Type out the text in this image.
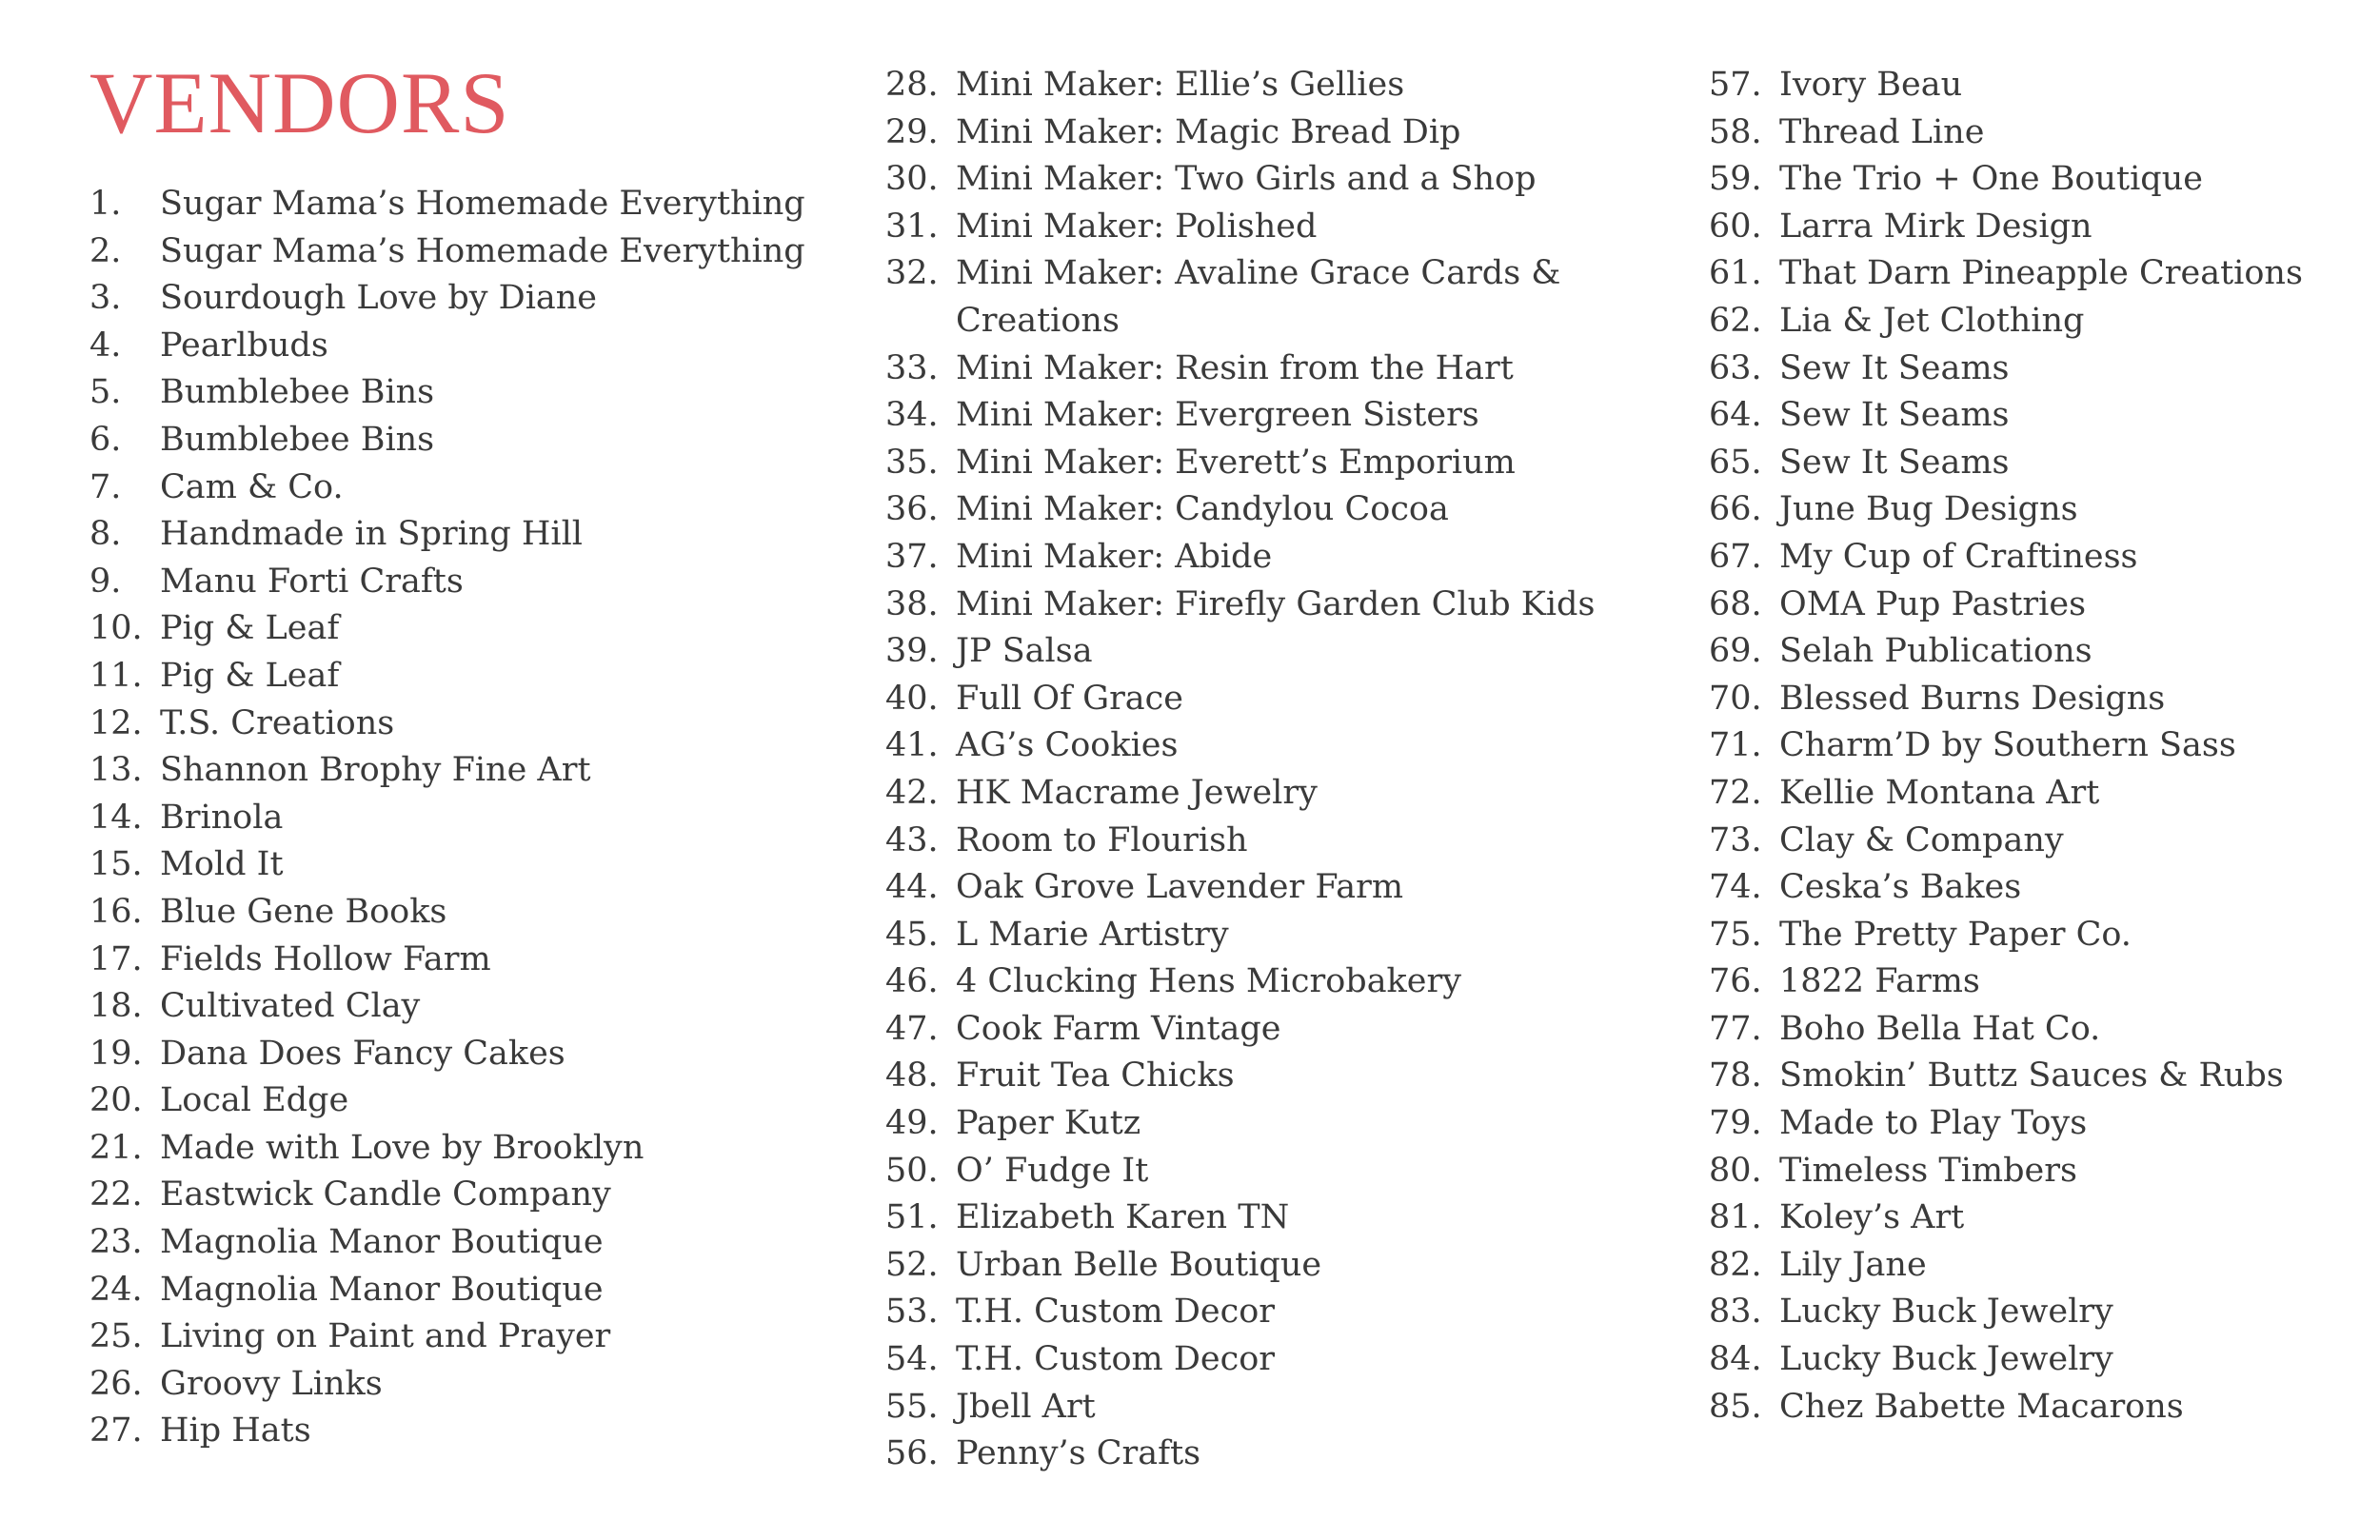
VENDORS
1.	Sugar Mama’s Homemade Everything
2.	Sugar Mama’s Homemade Everything
3.	Sourdough Love by Diane
4.	Pearlbuds
5.	Bumblebee Bins
6.	Bumblebee Bins
7.	Cam & Co.
8.	Handmade in Spring Hill
9.	Manu Forti Crafts
10. Pig & Leaf
11. Pig & Leaf
12. T.S. Creations
13. Shannon Brophy Fine Art
14. Brinola
15. Mold It
16. Blue Gene Books
17. Fields Hollow Farm
18. Cultivated Clay
19. Dana Does Fancy Cakes
20. Local Edge
21. Made with Love by Brooklyn
22. Eastwick Candle Company
23. Magnolia Manor Boutique
24. Magnolia Manor Boutique
25. Living on Paint and Prayer
26. Groovy Links
27. Hip Hats
28. Mini Maker: Ellie’s Gellies
29. Mini Maker: Magic Bread Dip
30. Mini Maker: Two Girls and a Shop
31. Mini Maker: Polished
32. Mini Maker: Avaline Grace Cards & Creations
33. Mini Maker: Resin from the Hart
34. Mini Maker: Evergreen Sisters
35. Mini Maker: Everett’s Emporium
36. Mini Maker: Candylou Cocoa
37. Mini Maker: Abide
38. Mini Maker: Firefly Garden Club Kids
39. JP Salsa
40. Full Of Grace
41. AG’s Cookies
42. HK Macrame Jewelry
43. Room to Flourish
44. Oak Grove Lavender Farm
45. L Marie Artistry
46. 4 Clucking Hens Microbakery
47. Cook Farm Vintage
48. Fruit Tea Chicks
49. Paper Kutz
50. O’ Fudge It
51. Elizabeth Karen TN
52. Urban Belle Boutique
53. T.H. Custom Decor
54. T.H. Custom Decor
55. Jbell Art
56. Penny’s Crafts
57. Ivory Beau
58. Thread Line
59. The Trio + One Boutique
60. Larra Mirk Design
61. That Darn Pineapple Creations
62. Lia & Jet Clothing
63. Sew It Seams
64. Sew It Seams
65. Sew It Seams
66. June Bug Designs
67. My Cup of Craftiness
68. OMA Pup Pastries
69. Selah Publications
70. Blessed Burns Designs
71. Charm’D by Southern Sass
72. Kellie Montana Art
73. Clay & Company
74. Ceska’s Bakes
75. The Pretty Paper Co.
76. 1822 Farms
77. Boho Bella Hat Co.
78. Smokin’ Buttz Sauces & Rubs
79. Made to Play Toys
80. Timeless Timbers
81. Koley’s Art
82. Lily Jane
83. Lucky Buck Jewelry
84. Lucky Buck Jewelry
85. Chez Babette Macarons
